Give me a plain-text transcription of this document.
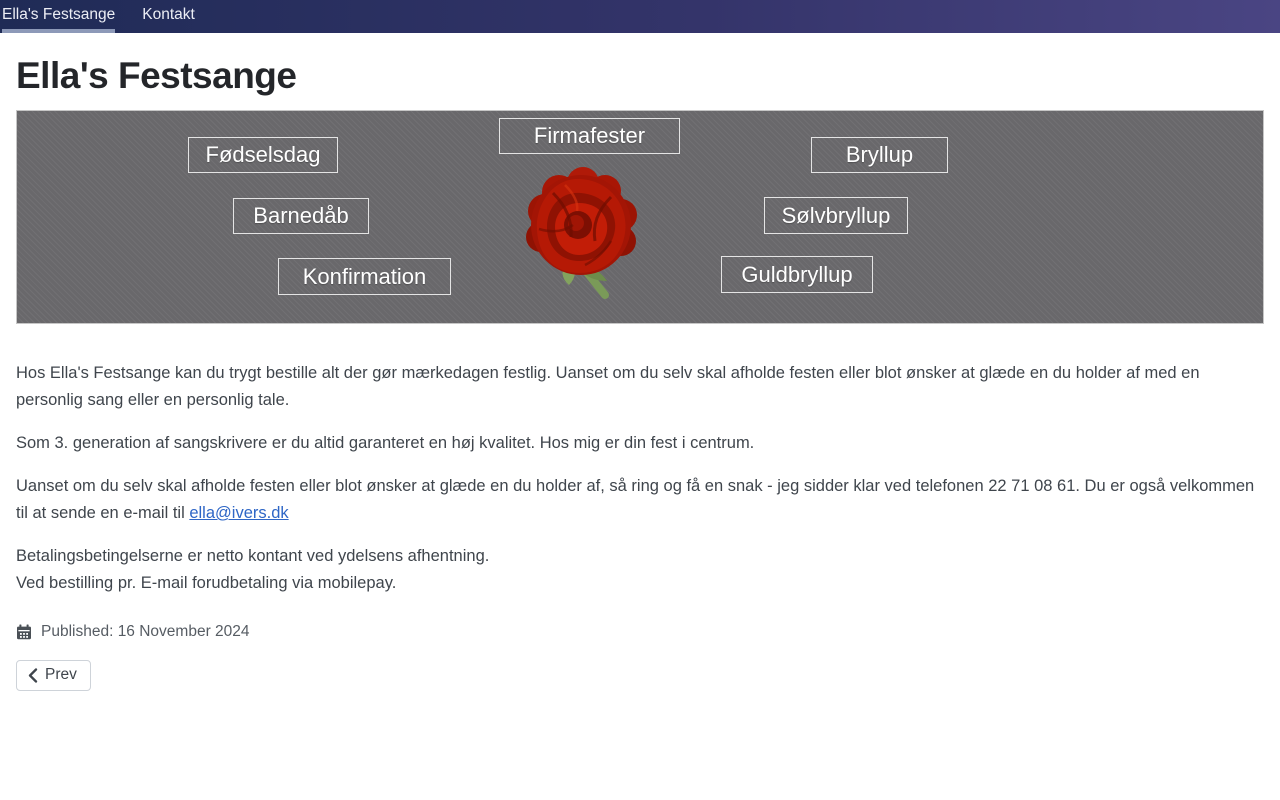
Ella's Festsange Kontakt
Ella's Festsange
Fødselsdag
Barnedåb
Konfirmation
Firmafester
Bryllup
Sølvbryllup
Guldbryllup

Hos Ella's Festsange kan du trygt bestille alt der gør mærkedagen festlig. Uanset om du selv skal afholde festen eller blot ønsker at glæde en du holder af med en personlig sang eller en personlig tale.

Som 3. generation af sangskrivere er du altid garanteret en høj kvalitet. Hos mig er din fest i centrum.

Uanset om du selv skal afholde festen eller blot ønsker at glæde en du holder af, så ring og få en snak - jeg sidder klar ved telefonen 22 71 08 61. Du er også velkommen til at sende en e-mail til ella@ivers.dk

Betalingsbetingelserne er netto kontant ved ydelsens afhentning.
Ved bestilling pr. E-mail forudbetaling via mobilepay.

Published: 16 November 2024
Prev
